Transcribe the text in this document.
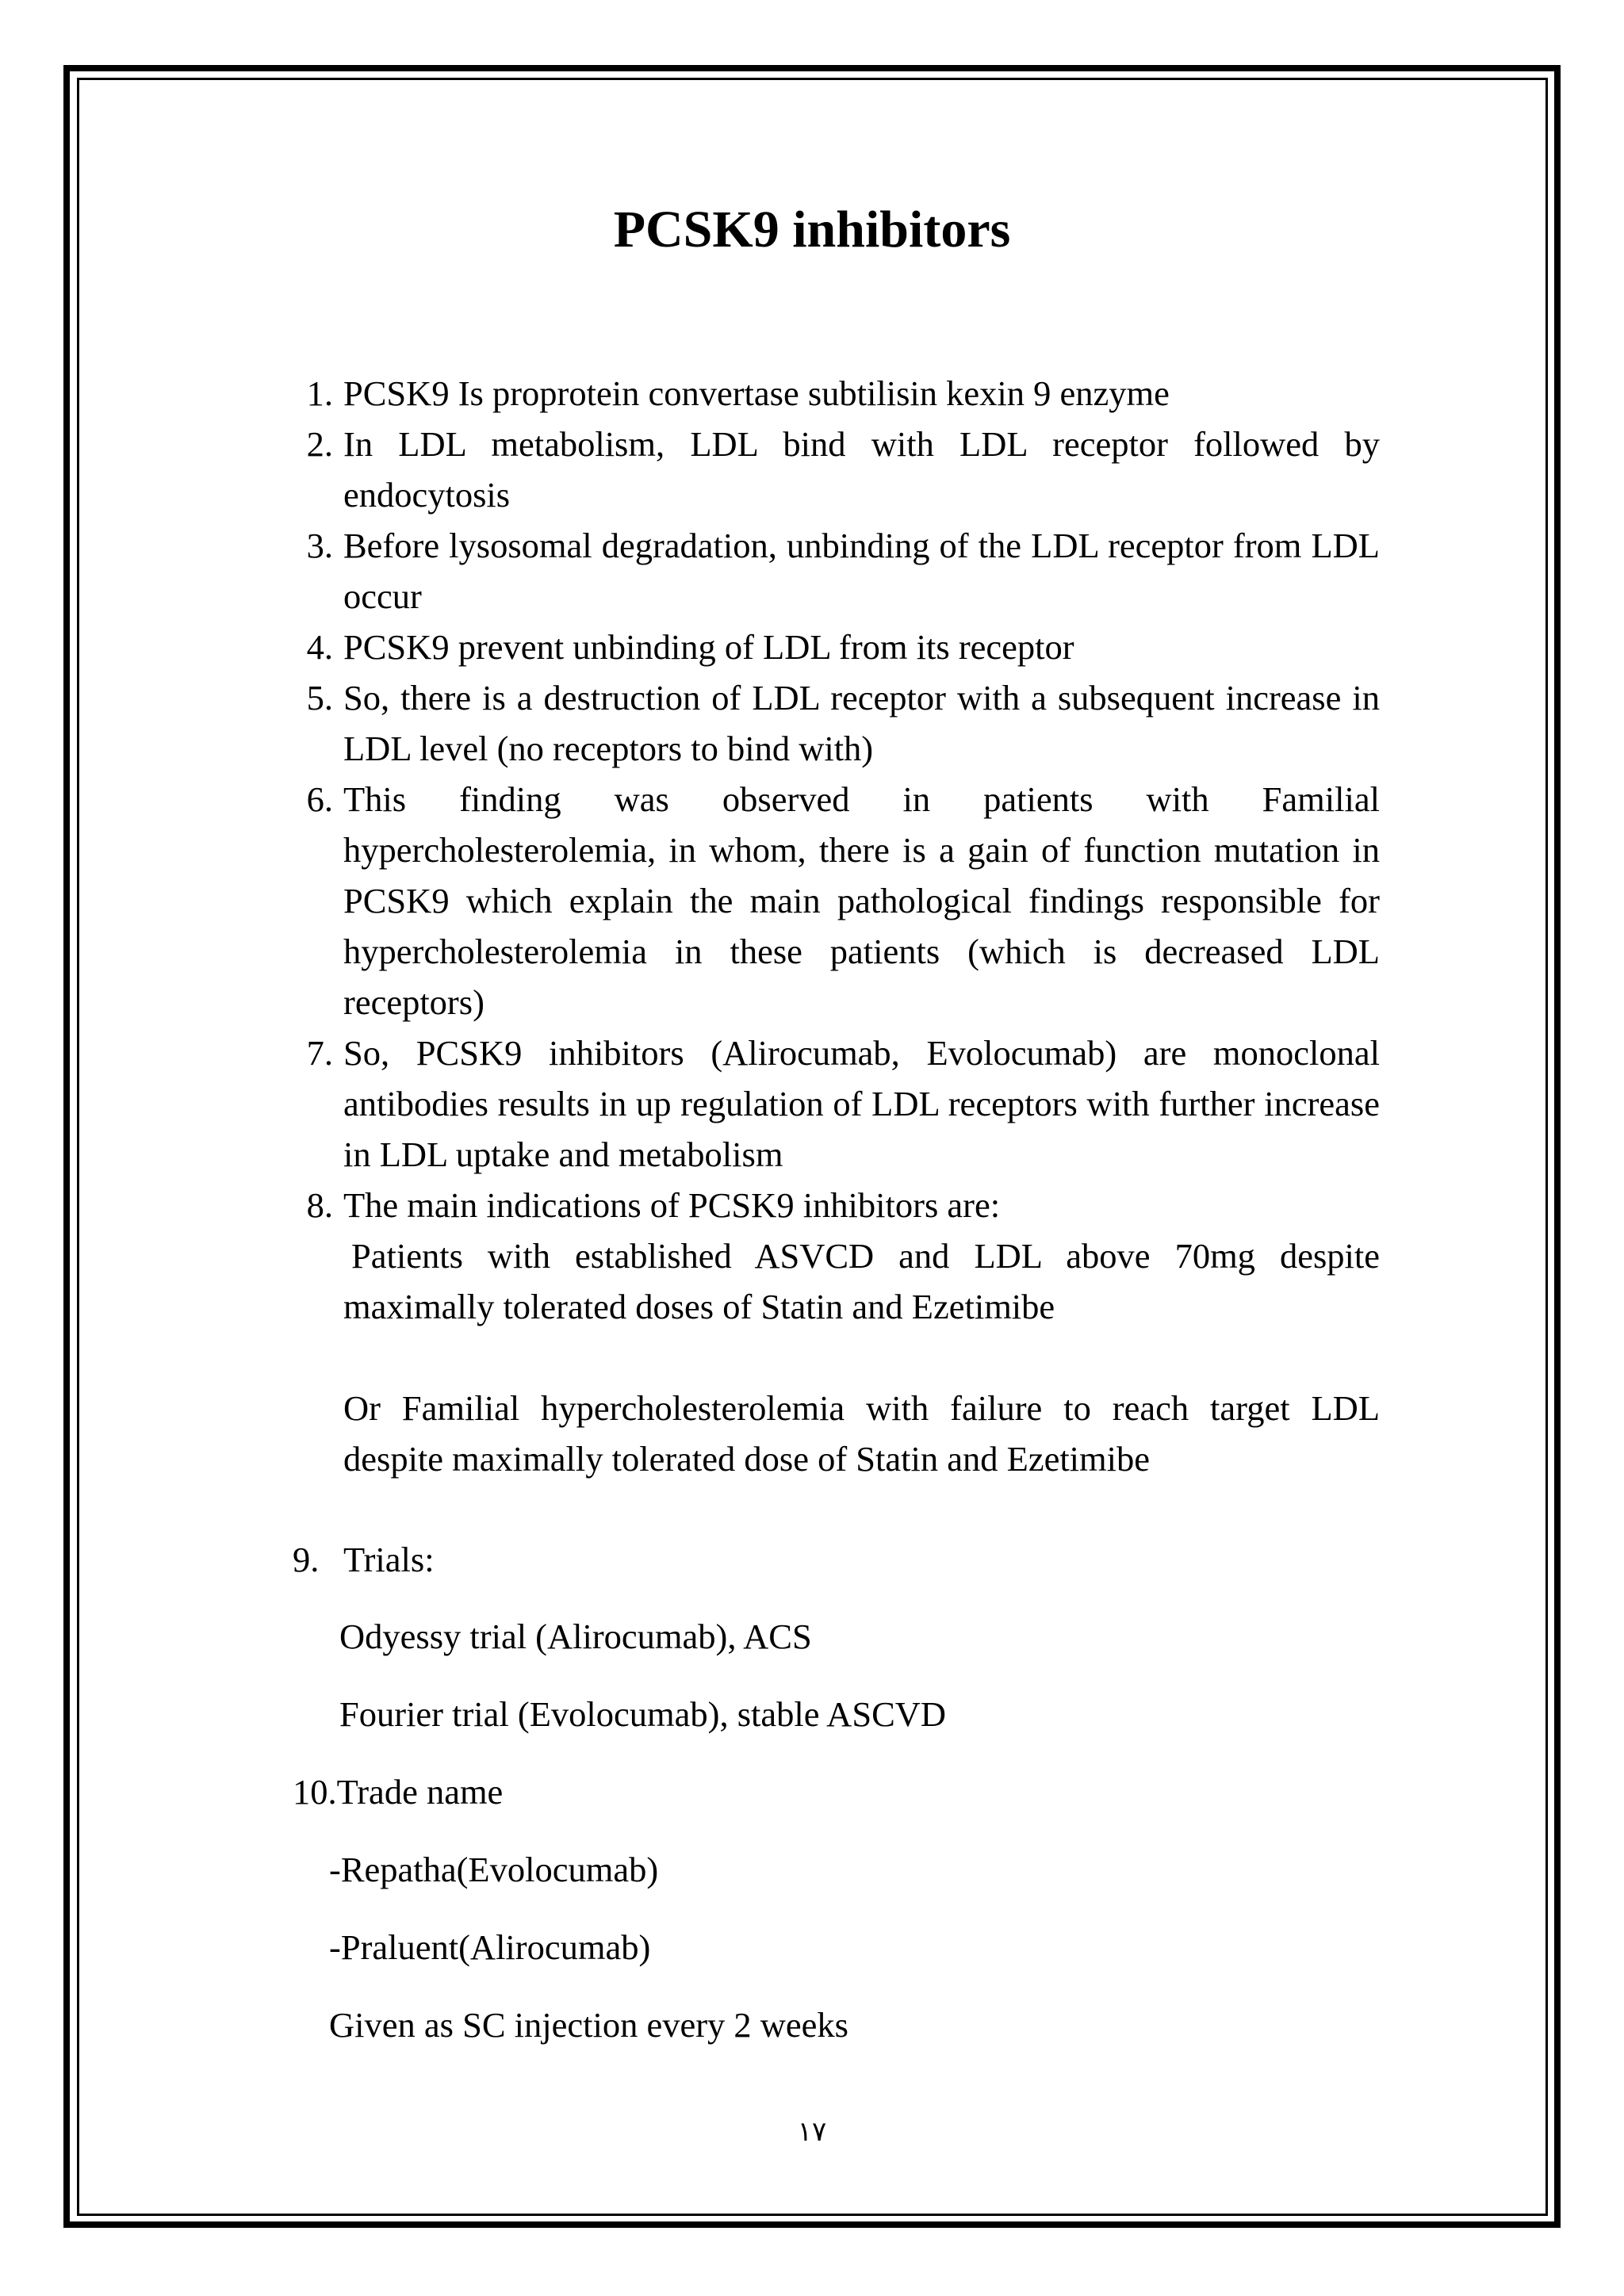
PCSK9 inhibitors
1. PCSK9 Is proprotein convertase subtilisin kexin 9 enzyme
2. In LDL metabolism, LDL bind with LDL receptor followed by endocytosis
3. Before lysosomal degradation, unbinding of the LDL receptor from LDL occur
4. PCSK9 prevent unbinding of LDL from its receptor
5. So, there is a destruction of LDL receptor with a subsequent increase in LDL level (no receptors to bind with)
6. This finding was observed in patients with Familial
hypercholesterolemia, in whom, there is a gain of function mutation in PCSK9 which explain the main pathological findings responsible for hypercholesterolemia in these patients (which is decreased LDL receptors)
7. So, PCSK9 inhibitors (Alirocumab, Evolocumab) are monoclonal antibodies results in up regulation of LDL receptors with further increase in LDL uptake and metabolism
8. The main indications of PCSK9 inhibitors are:
Patients with established ASVCD and LDL above 70mg despite maximally tolerated doses of Statin and Ezetimibe
Or Familial hypercholesterolemia with failure to reach target LDL despite maximally tolerated dose of Statin and Ezetimibe
9. Trials:
Odyessy trial (Alirocumab), ACS
Fourier trial (Evolocumab), stable ASCVD
10.Trade name
-Repatha(Evolocumab)
-Praluent(Alirocumab)
Given as SC injection every 2 weeks
١٧
